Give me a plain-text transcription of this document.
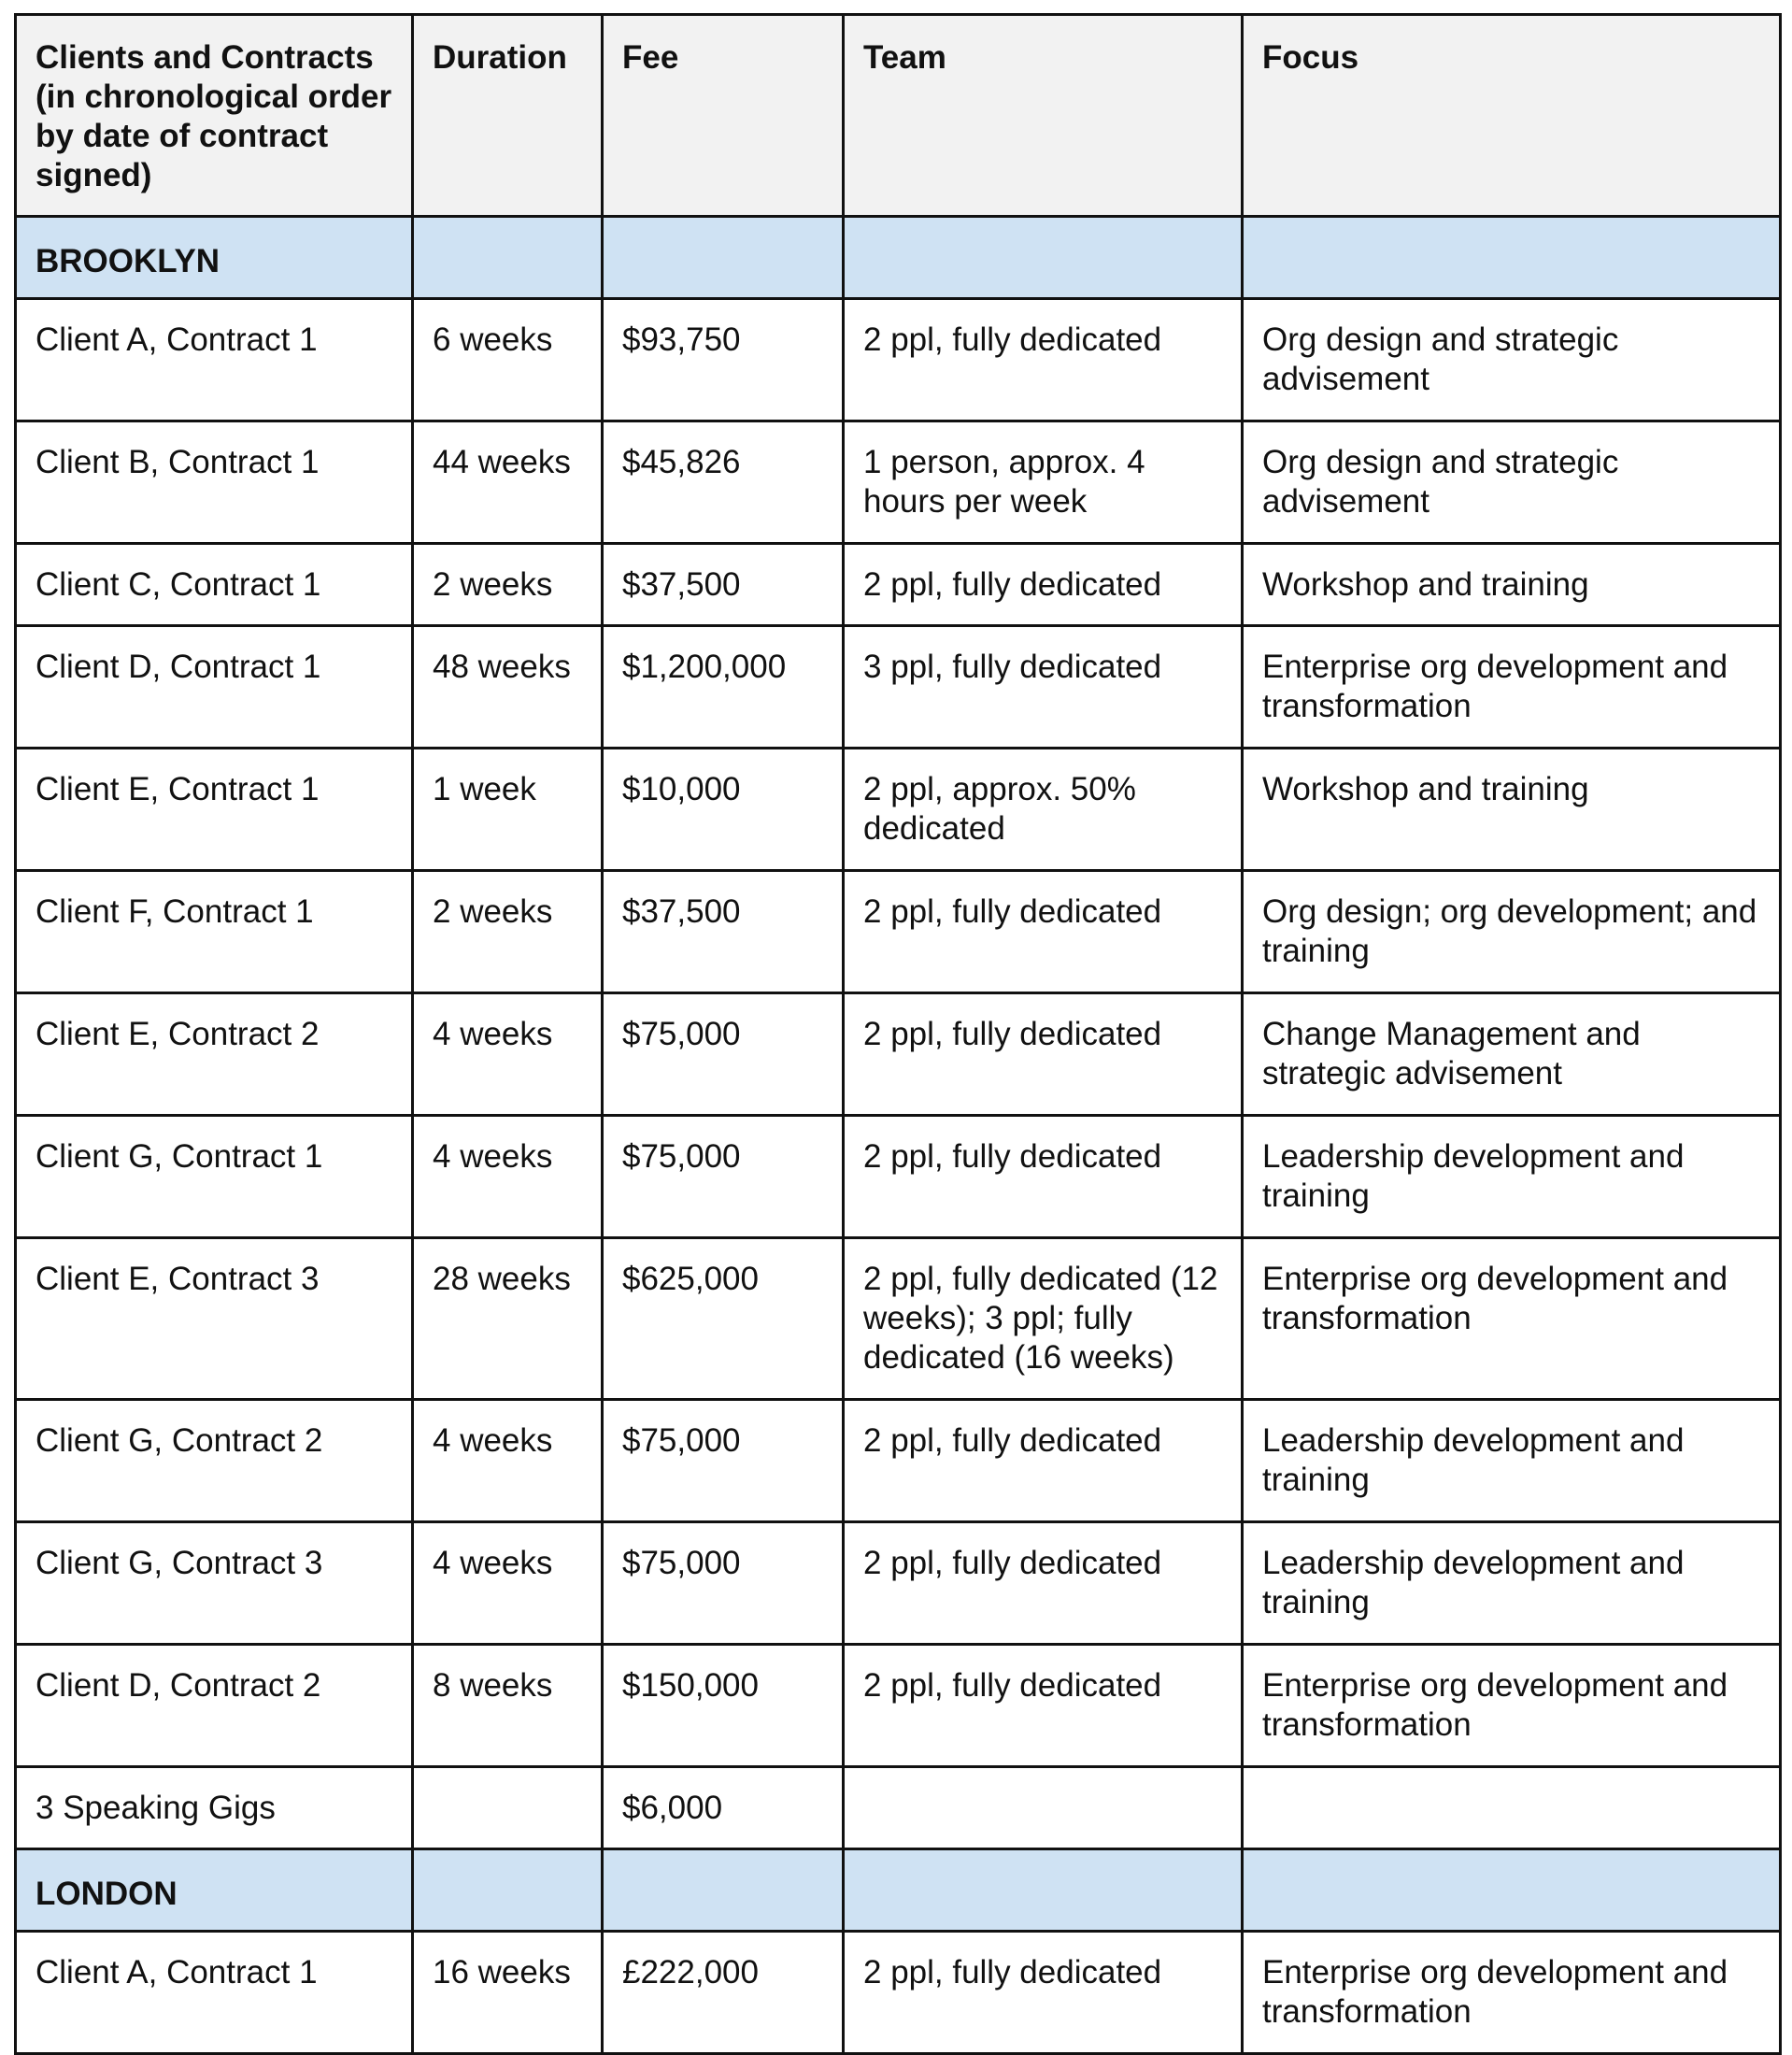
Clients and Contracts (in chronological order by date of contract signed)	Duration	Fee	Team	Focus
BROOKLYN				
Client A, Contract 1	6 weeks	$93,750	2 ppl, fully dedicated	Org design and strategic advisement
Client B, Contract 1	44 weeks	$45,826	1 person, approx. 4 hours per week	Org design and strategic advisement
Client C, Contract 1	2 weeks	$37,500	2 ppl, fully dedicated	Workshop and training
Client D, Contract 1	48 weeks	$1,200,000	3 ppl, fully dedicated	Enterprise org development and transformation
Client E, Contract 1	1 week	$10,000	2 ppl, approx. 50% dedicated	Workshop and training
Client F, Contract 1	2 weeks	$37,500	2 ppl, fully dedicated	Org design; org development; and training
Client E, Contract 2	4 weeks	$75,000	2 ppl, fully dedicated	Change Management and strategic advisement
Client G, Contract 1	4 weeks	$75,000	2 ppl, fully dedicated	Leadership development and training
Client E, Contract 3	28 weeks	$625,000	2 ppl, fully dedicated (12 weeks); 3 ppl; fully dedicated (16 weeks)	Enterprise org development and transformation
Client G, Contract 2	4 weeks	$75,000	2 ppl, fully dedicated	Leadership development and training
Client G, Contract 3	4 weeks	$75,000	2 ppl, fully dedicated	Leadership development and training
Client D, Contract 2	8 weeks	$150,000	2 ppl, fully dedicated	Enterprise org development and transformation
3 Speaking Gigs		$6,000		
LONDON				
Client A, Contract 1	16 weeks	£222,000	2 ppl, fully dedicated	Enterprise org development and transformation
